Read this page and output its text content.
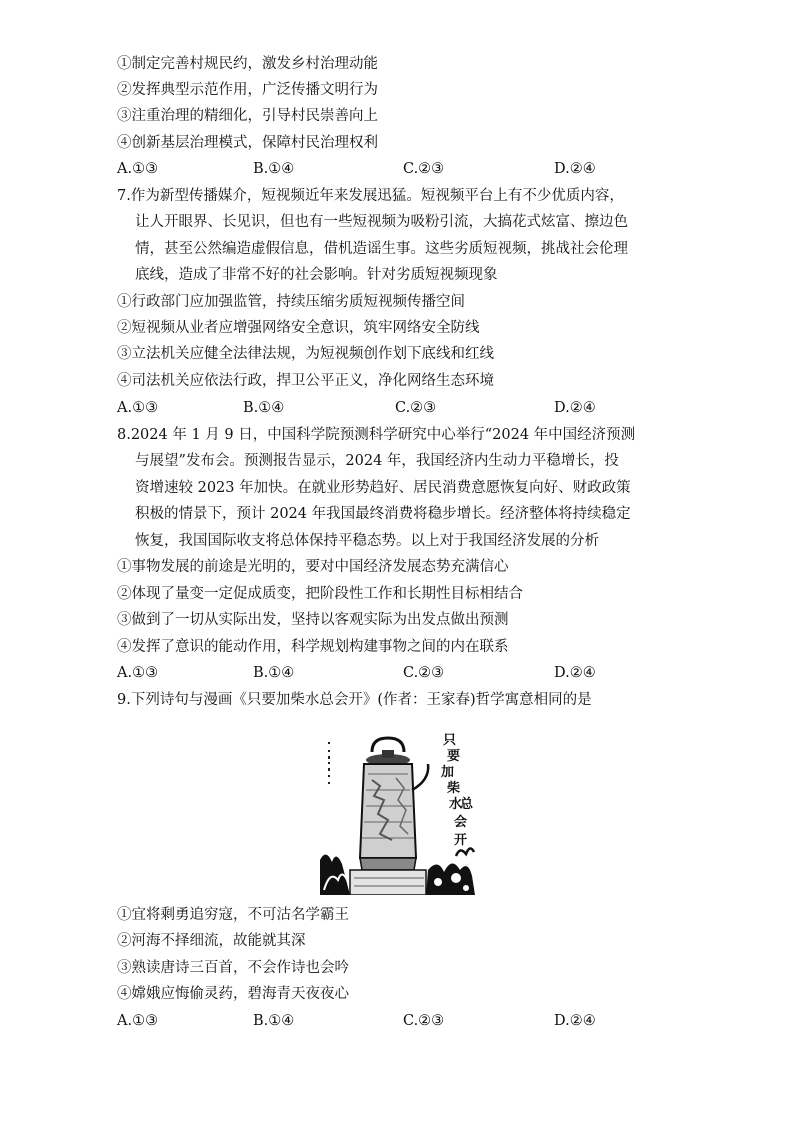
①制定完善村规民约，激发乡村治理动能
②发挥典型示范作用，广泛传播文明行为
③注重治理的精细化，引导村民崇善向上
④创新基层治理模式，保障村民治理权利
A.①③	B.①④	C.②③	D.②④
7.作为新型传播媒介，短视频近年来发展迅猛。短视频平台上有不少优质内容，
让人开眼界、长见识，但也有一些短视频为吸粉引流，大搞花式炫富、擦边色
情，甚至公然编造虚假信息，借机造谣生事。这些劣质短视频，挑战社会伦理
底线，造成了非常不好的社会影响。针对劣质短视频现象
①行政部门应加强监管，持续压缩劣质短视频传播空间
②短视频从业者应增强网络安全意识，筑牢网络安全防线
③立法机关应健全法律法规，为短视频创作划下底线和红线
④司法机关应依法行政，捍卫公平正义，净化网络生态环境
A.①③	B.①④	C.②③	D.②④
8.2024 年 1 月 9 日，中国科学院预测科学研究中心举行“2024 年中国经济预测
与展望”发布会。预测报告显示，2024 年，我国经济内生动力平稳增长，投
资增速较 2023 年加快。在就业形势趋好、居民消费意愿恢复向好、财政政策
积极的情景下，预计 2024 年我国最终消费将稳步增长。经济整体将持续稳定
恢复，我国国际收支将总体保持平稳态势。以上对于我国经济发展的分析
①事物发展的前途是光明的，要对中国经济发展态势充满信心
②体现了量变一定促成质变，把阶段性工作和长期性目标相结合
③做到了一切从实际出发，坚持以客观实际为出发点做出预测
④发挥了意识的能动作用，科学规划构建事物之间的内在联系
A.①③	B.①④	C.②③	D.②④
9.下列诗句与漫画《只要加柴水总会开》(作者：王家春)哲学寓意相同的是
只
要
加
柴
水
总
会
开
①宜将剩勇追穷寇，不可沽名学霸王
②河海不择细流，故能就其深
③熟读唐诗三百首，不会作诗也会吟
④嫦娥应悔偷灵药，碧海青天夜夜心
A.①③	B.①④	C.②③	D.②④
